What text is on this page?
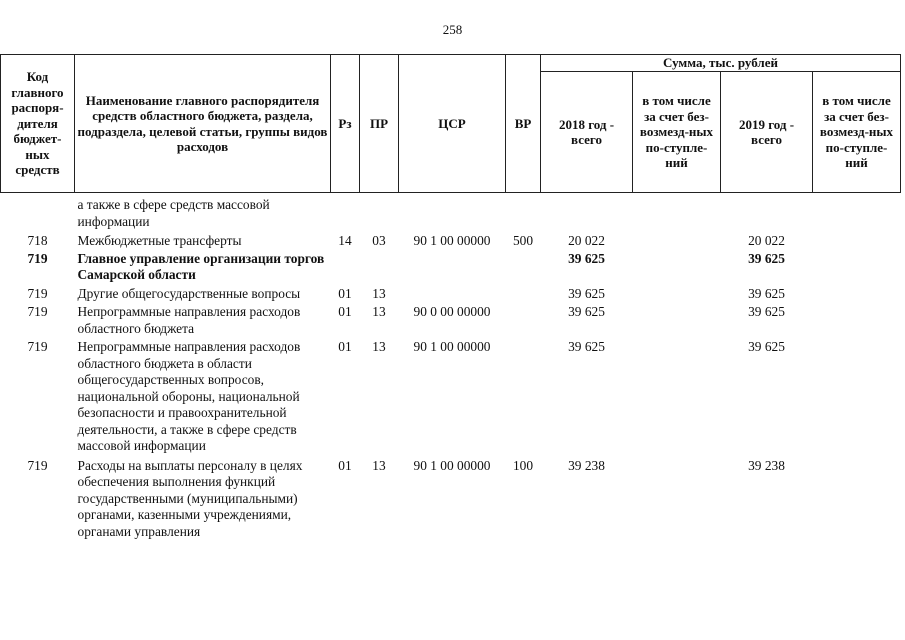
258
Код главного распоря-дителя бюджет-ных средств	Наименование главного распорядителя средств областного бюджета, раздела, подраздела, целевой статьи, группы видов расходов	Рз	ПР	ЦСР	ВР	Сумма, тыс. рублей			
						2018 год - всего	в том числе за счет без-возмезд-ных по-ступле-ний	2019 год - всего	в том числе за счет без-возмезд-ных по-ступле-ний
	а также в сфере средств массовой информации								
718	Межбюджетные трансферты	14	03	90 1 00 00000	500	20 022		20 022	
719	Главное управление организации торгов Самарской области					39 625		39 625	
719	Другие общегосударственные вопросы	01	13			39 625		39 625	
719	Непрограммные направления расходов областного бюджета	01	13	90 0 00 00000		39 625		39 625	
719	Непрограммные направления расходов областного бюджета в области общегосударственных вопросов, национальной обороны, национальной безопасности и правоохранительной деятельности, а также в сфере средств массовой информации	01	13	90 1 00 00000		39 625		39 625	
719	Расходы на выплаты персоналу в целях обеспечения выполнения функций государственными (муниципальными) органами, казенными учреждениями, органами управления	01	13	90 1 00 00000	100	39 238		39 238	
